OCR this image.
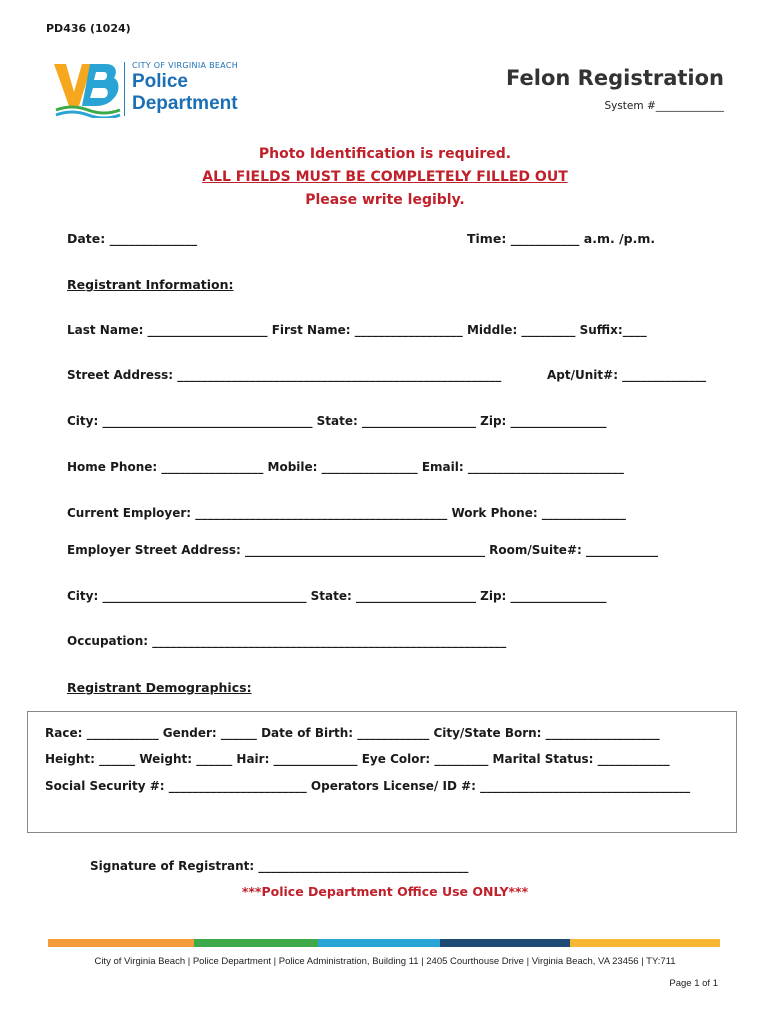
PD436 (1024)
CITY OF VIRGINIA BEACH
Police
Department
Felon Registration
System #_____________
Photo Identification is required.
ALL FIELDS MUST BE COMPLETELY FILLED OUT
Please write legibly.
Date: ______________	Time: ___________ a.m. /p.m.
Registrant Information:
Last Name: ____________________ First Name: __________________ Middle: _________ Suffix:____
Street Address: ______________________________________________________	Apt/Unit#: ______________
City: ___________________________________ State: ___________________ Zip: ________________
Home Phone: _________________ Mobile: ________________ Email: __________________________
Current Employer: __________________________________________ Work Phone: ______________
Employer Street Address: ________________________________________ Room/Suite#: ____________
City: __________________________________ State: ____________________ Zip: ________________
Occupation: ___________________________________________________________
Registrant Demographics:
Race: ____________ Gender: ______ Date of Birth: ____________ City/State Born: ___________________
Height: ______ Weight: ______ Hair: ______________ Eye Color: _________ Marital Status: ____________
Social Security #: _______________________ Operators License/ ID #: ___________________________________
Signature of Registrant: ___________________________________
***Police Department Office Use ONLY***
City of Virginia Beach | Police Department | Police Administration, Building 11 | 2405 Courthouse Drive | Virginia Beach, VA 23456 | TY:711
Page 1 of 1
